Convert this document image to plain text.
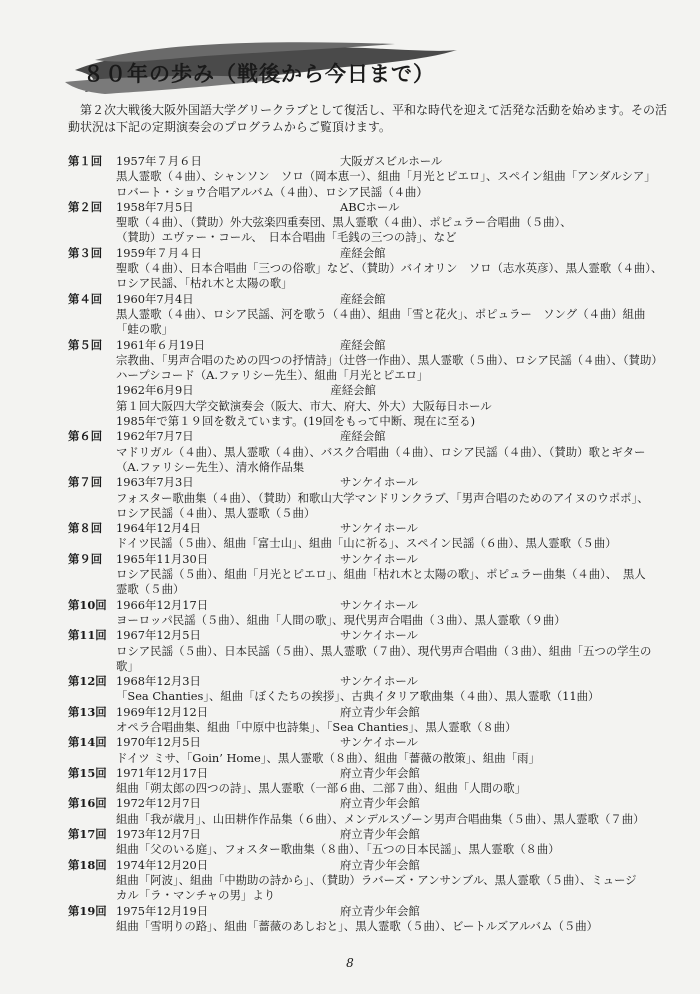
８０年の歩み（戦後から今日まで）

第２次大戦後大阪外国語大学グリークラブとして復活し、平和な時代を迎えて活発な活動を始めます。その活動状況は下記の定期演奏会のプログラムからご覧頂けます。

第１回 1957年７月６日	大阪ガスビルホール
黒人霊歌（４曲）、シャンソン　ソロ（岡本恵一）、組曲「月光とピエロ」、スペイン組曲「アンダルシア」
ロバート・ショウ合唱アルバム（４曲）、ロシア民謡（４曲）
第２回 1958年7月5日	ABCホール
聖歌（４曲）、（賛助）外大弦楽四重奏団、黒人霊歌（４曲）、ポピュラー合唱曲（５曲）、
（賛助）エヴァー・コール、　日本合唱曲「毛銭の三つの詩」、など
第３回 1959年７月４日	産経会館
聖歌（４曲）、日本合唱曲「三つの俗歌」など、（賛助）バイオリン　ソロ（志水英彦）、黒人霊歌（４曲）、
ロシア民謡、「枯れ木と太陽の歌」
第４回 1960年7月4日	産経会館
黒人霊歌（４曲）、ロシア民謡、河を歌う（４曲）、組曲「雪と花火」、ポピュラー　ソング（４曲）組曲
「蛙の歌」
第５回 1961年６月19日	産経会館
宗教曲、「男声合唱のための四つの抒情詩」（辻啓一作曲）、黒人霊歌（５曲）、ロシア民謡（４曲）、（賛助）
ハープシコード（A.ファリシー先生）、組曲「月光とピエロ」
1962年6月9日　　　　　　　　　　　　産経会館
第１回大阪四大学交歓演奏会（阪大、市大、府大、外大）大阪毎日ホール
1985年で第１９回を数えています。(19回をもって中断、現在に至る)
第６回 1962年7月7日	産経会館
マドリガル（４曲）、黒人霊歌（４曲）、バスク合唱曲（４曲）、ロシア民謡（４曲）、（賛助）歌とギター
（A.ファリシー先生）、清水脩作品集
第７回 1963年7月3日	サンケイホール
フォスター歌曲集（４曲）、（賛助）和歌山大学マンドリンクラブ、「男声合唱のためのアイヌのウポポ」、
ロシア民謡（４曲）、黒人霊歌（５曲）
第８回 1964年12月4日	サンケイホール
ドイツ民謡（５曲）、組曲「富士山」、組曲「山に祈る」、スペイン民謡（６曲）、黒人霊歌（５曲）
第９回 1965年11月30日	サンケイホール
ロシア民謡（５曲）、組曲「月光とピエロ」、組曲「枯れ木と太陽の歌」、ポピュラー曲集（４曲）、　黒人
霊歌（５曲）
第10回 1966年12月17日	サンケイホール
ヨーロッパ民謡（５曲）、組曲「人間の歌」、現代男声合唱曲（３曲）、黒人霊歌（９曲）
第11回 1967年12月5日	サンケイホール
ロシア民謡（５曲）、日本民謡（５曲）、黒人霊歌（７曲）、現代男声合唱曲（３曲）、組曲「五つの学生の
歌」
第12回 1968年12月3日	サンケイホール
「Sea Chanties」、組曲「ぼくたちの挨拶」、古典イタリア歌曲集（４曲）、黒人霊歌（11曲）
第13回 1969年12月12日	府立青少年会館
オペラ合唱曲集、組曲「中原中也詩集」、「Sea Chanties」、黒人霊歌（８曲）
第14回 1970年12月5日	サンケイホール
ドイツ ミサ、「Goin’ Home」、黒人霊歌（８曲）、組曲「薔薇の散策」、組曲「雨」
第15回 1971年12月17日	府立青少年会館
組曲「朔太郎の四つの詩」、黒人霊歌（一部６曲、二部７曲）、組曲「人間の歌」
第16回 1972年12月7日	府立青少年会館
組曲「我が歳月」、山田耕作作品集（６曲）、メンデルスゾーン男声合唱曲集（５曲）、黒人霊歌（７曲）
第17回 1973年12月7日	府立青少年会館
組曲「父のいる庭」、フォスター歌曲集（８曲）、「五つの日本民謡」、黒人霊歌（８曲）
第18回 1974年12月20日	府立青少年会館
組曲「阿波」、組曲「中勘助の詩から」、（賛助）ラバーズ・アンサンブル、黒人霊歌（５曲）、ミュージ
カル「ラ・マンチャの男」より
第19回 1975年12月19日	府立青少年会館
組曲「雪明りの路」、組曲「薔薇のあしおと」、黒人霊歌（５曲）、ビートルズアルバム（５曲）
8
